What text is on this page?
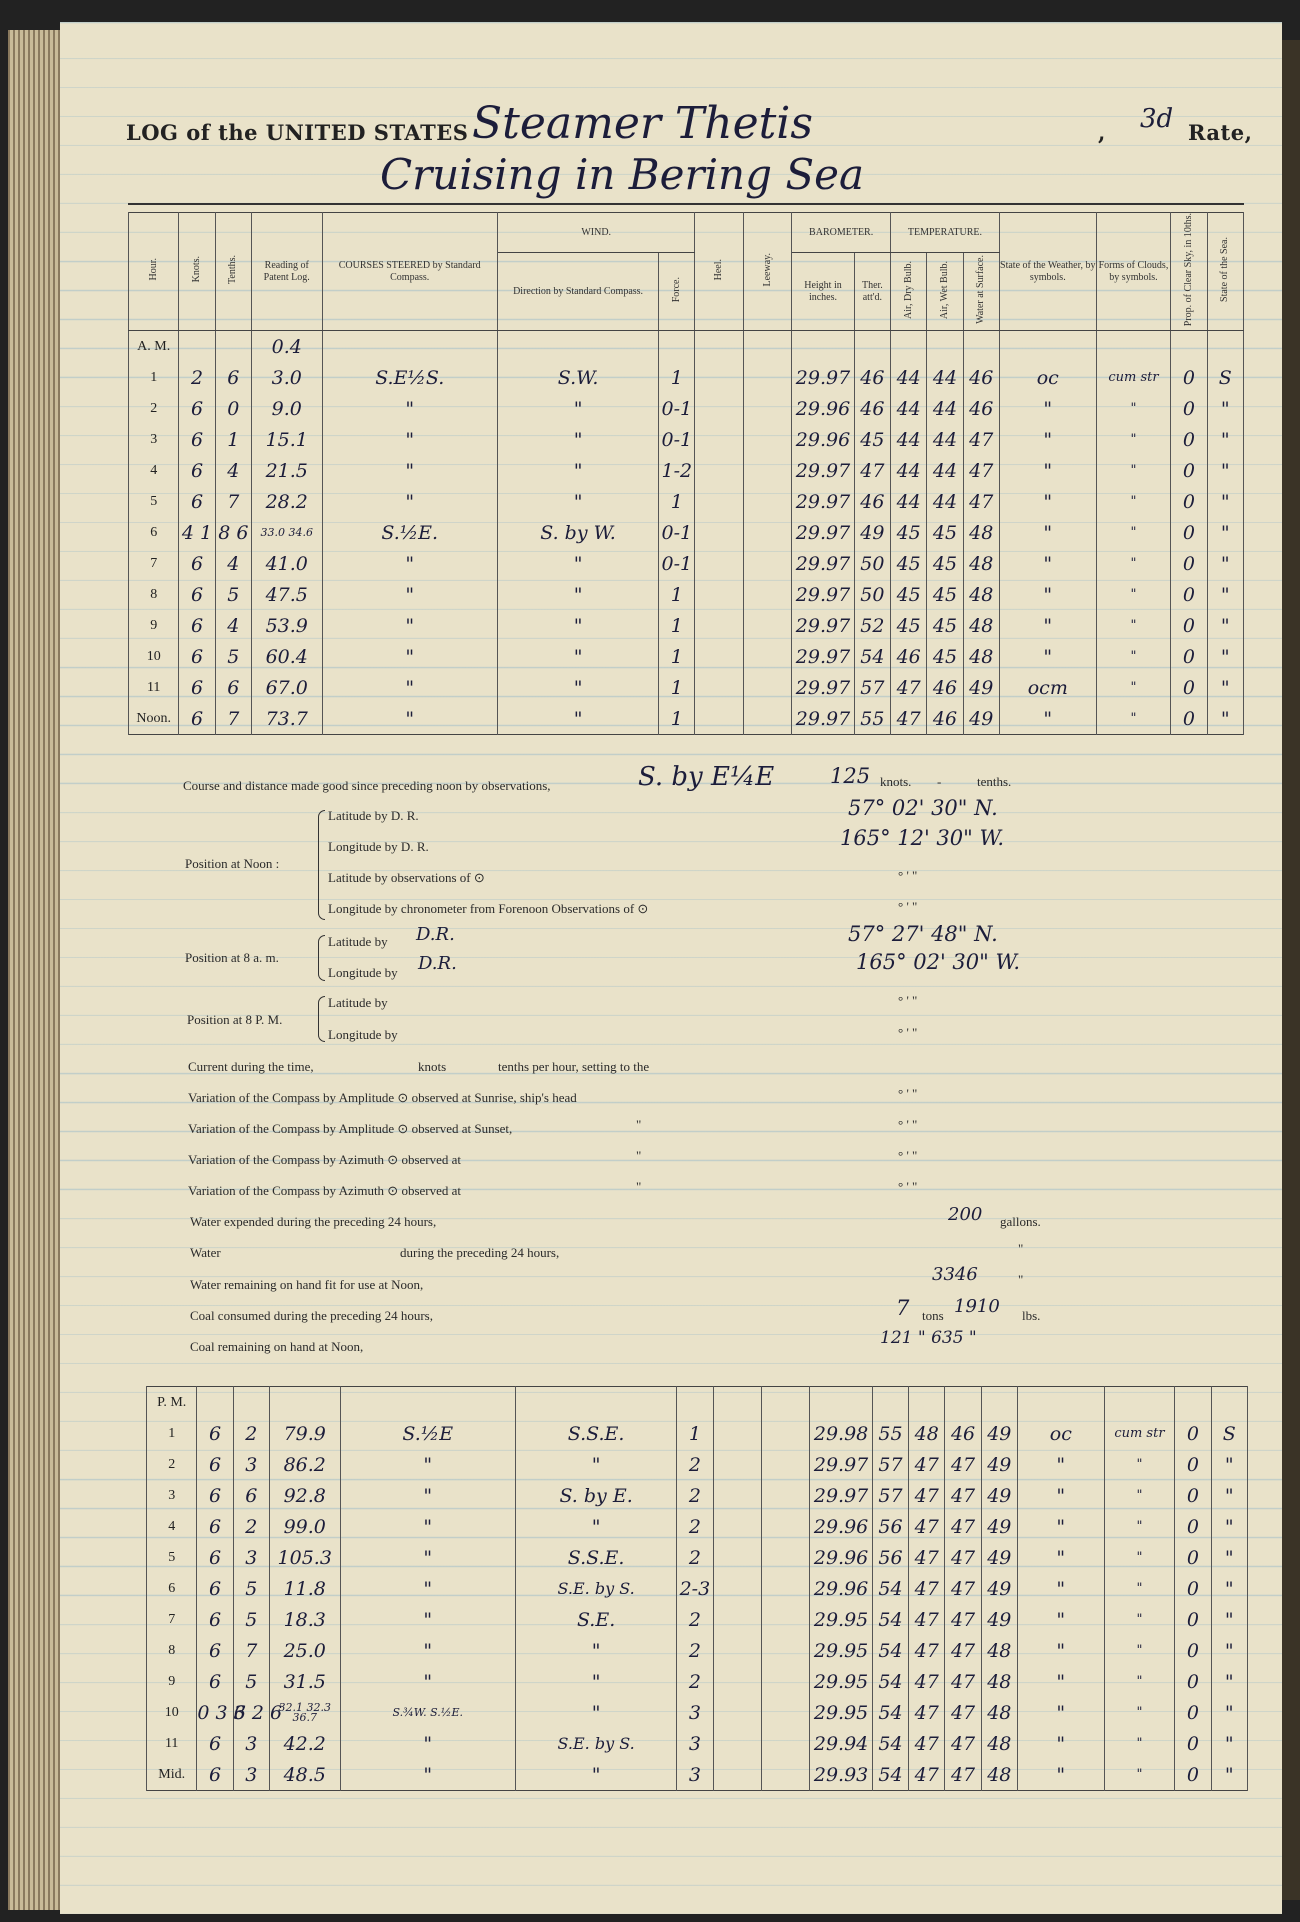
LOG of the UNITED STATES Steamer Thetis	, 3d Rate,
Cruising in Bering Sea
Hour.	Knots.	Tenths.	Reading of Patent Log.	COURSES STEERED by Standard Compass.	WIND.		Heel.	Leeway.	BAROMETER.		TEMPERATURE.			State of the Weather, by symbols.	Forms of Clouds, by symbols.	Prop. of Clear Sky, in 10ths.	State of the Sea.
					Direction by Standard Compass.	Force.			Height in inches.	Ther. att'd.	Air, Dry Bulb.	Air, Wet Bulb.	Water at Surface.				
A. M.			0.4														
1	2	6	3.0	S.E½S.	S.W.	1			29.97	46	44	44	46	oc	cum str	0	S
2	6	0	9.0	"	"	0-1			29.96	46	44	44	46	"	"	0	"
3	6	1	15.1	"	"	0-1			29.96	45	44	44	47	"	"	0	"
4	6	4	21.5	"	"	1-2			29.97	47	44	44	47	"	"	0	"
5	6	7	28.2	"	"	1			29.97	46	44	44	47	"	"	0	"
6	4 1	8 6	33.0 34.6	S.½E.	S. by W.	0-1			29.97	49	45	45	48	"	"	0	"
7	6	4	41.0	"	"	0-1			29.97	50	45	45	48	"	"	0	"
8	6	5	47.5	"	"	1			29.97	50	45	45	48	"	"	0	"
9	6	4	53.9	"	"	1			29.97	52	45	45	48	"	"	0	"
10	6	5	60.4	"	"	1			29.97	54	46	45	48	"	"	0	"
11	6	6	67.0	"	"	1			29.97	57	47	46	49	ocm	"	0	"
Noon.	6	7	73.7	"	"	1			29.97	55	47	46	49	"	"	0	"
Course and distance made good since preceding noon by observations,	S. by E¼E	125 knots. -	tenths.
Position at Noon :
Latitude by D. R.	57° 02' 30" N.
Longitude by D. R.	165° 12' 30" W.
Latitude by observations of ⊙	° ' "
Longitude by chronometer from Forenoon Observations of ⊙	° ' "
Position at 8 a. m.
Latitude by D.R.	57° 27' 48" N.
Longitude by D.R.	165° 02' 30" W.
Position at 8 P. M.
Latitude by	° ' "
Longitude by	° ' "
Current during the time,	knots	tenths per hour, setting to the
Variation of the Compass by Amplitude ⊙ observed at Sunrise, ship's head	° ' "
Variation of the Compass by Amplitude ⊙ observed at Sunset,	"	° ' "
Variation of the Compass by Azimuth ⊙ observed at	"	° ' "
Variation of the Compass by Azimuth ⊙ observed at	"	° ' "
Water expended during the preceding 24 hours,	200 gallons.
Water	during the preceding 24 hours,	"
Water remaining on hand fit for use at Noon,	3346	"
Coal consumed during the preceding 24 hours,	7 tons 1910 lbs.
Coal remaining on hand at Noon,	121 " 635 "
P. M.																	
1	6	2	79.9	S.½E	S.S.E.	1			29.98	55	48	46	49	oc	cum str	0	S
2	6	3	86.2	"	"	2			29.97	57	47	47	49	"	"	0	"
3	6	6	92.8	"	S. by E.	2			29.97	57	47	47	49	"	"	0	"
4	6	2	99.0	"	"	2			29.96	56	47	47	49	"	"	0	"
5	6	3	105.3	"	S.S.E.	2			29.96	56	47	47	49	"	"	0	"
6	6	5	11.8	"	S.E. by S.	2-3			29.96	54	47	47	49	"	"	0	"
7	6	5	18.3	"	S.E.	2			29.95	54	47	47	49	"	"	0	"
8	6	7	25.0	"	"	2			29.95	54	47	47	48	"	"	0	"
9	6	5	31.5	"	"	2			29.95	54	47	47	48	"	"	0	"
10	0 3 3	6 2 6	32.1 32.3 36.7	S.¾W. S.½E.	"	3			29.95	54	47	47	48	"	"	0	"
11	6	3	42.2	"	S.E. by S.	3			29.94	54	47	47	48	"	"	0	"
Mid.	6	3	48.5	"	"	3			29.93	54	47	47	48	"	"	0	"
